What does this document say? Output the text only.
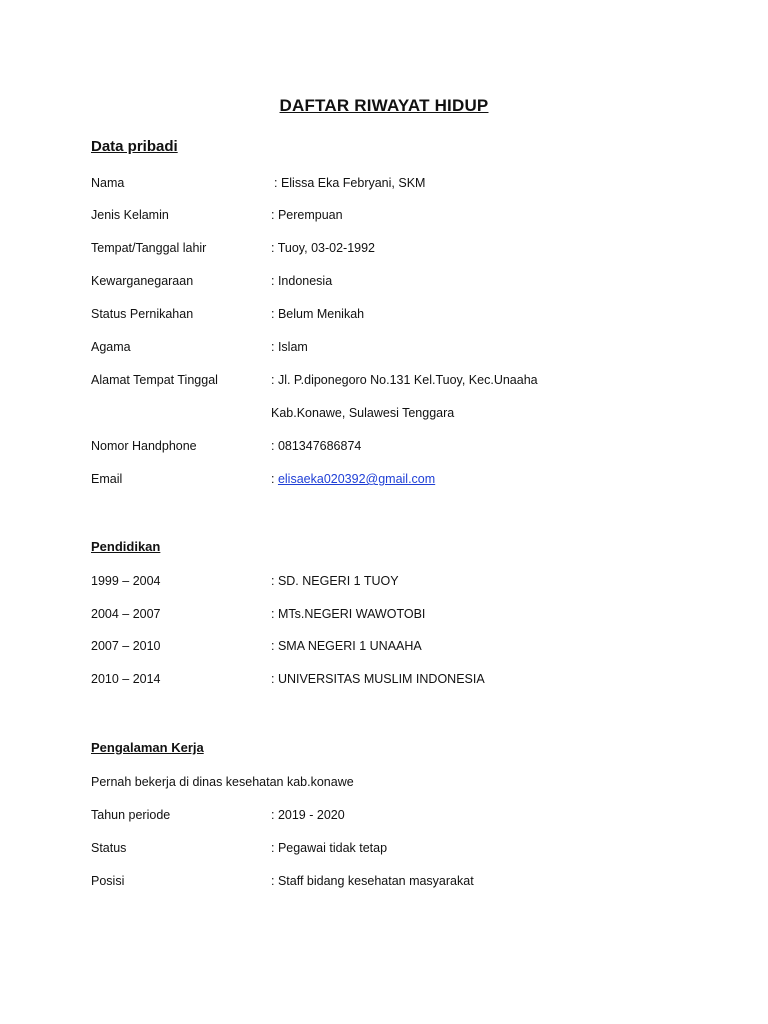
DAFTAR RIWAYAT HIDUP
Data pribadi
Nama	: Elissa Eka Febryani, SKM
Jenis Kelamin	: Perempuan
Tempat/Tanggal lahir	: Tuoy, 03-02-1992
Kewarganegaraan	: Indonesia
Status Pernikahan	: Belum Menikah
Agama	: Islam
Alamat Tempat Tinggal	: Jl. P.diponegoro No.131 Kel.Tuoy, Kec.Unaaha
Kab.Konawe, Sulawesi Tenggara
Nomor Handphone	: 081347686874
Email	: elisaeka020392@gmail.com
Pendidikan
1999 – 2004	: SD. NEGERI 1 TUOY
2004 – 2007	: MTs.NEGERI WAWOTOBI
2007 – 2010	: SMA NEGERI 1 UNAAHA
2010 – 2014	: UNIVERSITAS MUSLIM INDONESIA
Pengalaman Kerja
Pernah bekerja di dinas kesehatan kab.konawe
Tahun periode	: 2019 - 2020
Status	: Pegawai tidak tetap
Posisi	: Staff bidang kesehatan masyarakat
